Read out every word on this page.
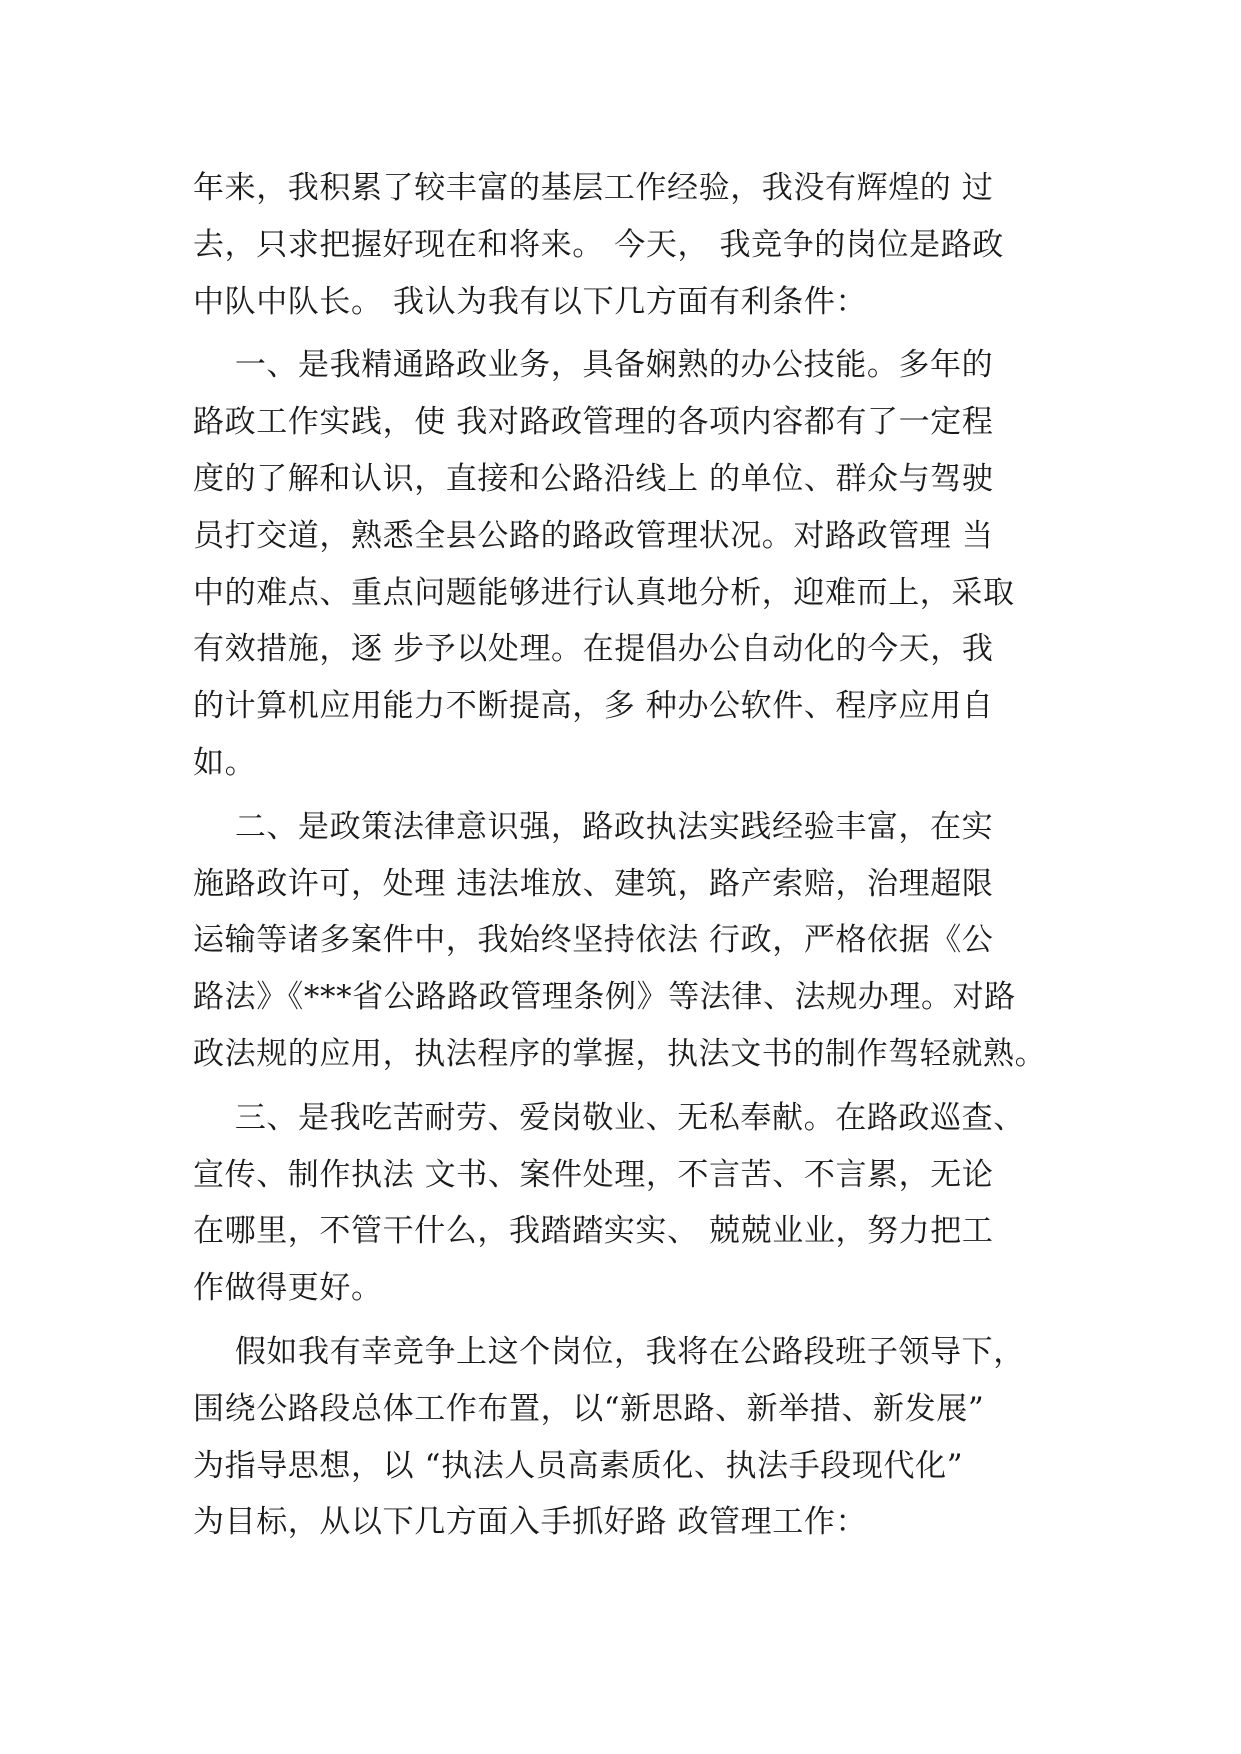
年来，我积累了较丰富的基层工作经验，我没有辉煌的 过
去，只求把握好现在和将来。 今天， 我竞争的岗位是路政
中队中队长。 我认为我有以下几方面有利条件：
一、是我精通路政业务，具备娴熟的办公技能。多年的
路政工作实践，使 我对路政管理的各项内容都有了一定程
度的了解和认识，直接和公路沿线上 的单位、群众与驾驶
员打交道，熟悉全县公路的路政管理状况。对路政管理 当
中的难点、重点问题能够进行认真地分析，迎难而上，采取
有效措施，逐 步予以处理。在提倡办公自动化的今天，我
的计算机应用能力不断提高，多 种办公软件、程序应用自
如。
二、是政策法律意识强，路政执法实践经验丰富，在实
施路政许可，处理 违法堆放、建筑，路产索赔，治理超限
运输等诸多案件中，我始终坚持依法 行政，严格依据《公
路法》《***省公路路政管理条例》等法律、法规办理。对路
政法规的应用，执法程序的掌握，执法文书的制作驾轻就熟。
三、是我吃苦耐劳、爱岗敬业、无私奉献。在路政巡查、
宣传、制作执法 文书、案件处理，不言苦、不言累，无论
在哪里，不管干什么，我踏踏实实、 兢兢业业，努力把工
作做得更好。
假如我有幸竞争上这个岗位，我将在公路段班子领导下，
围绕公路段总体工作布置，以“新思路、新举措、新发展”
为指导思想，以 “执法人员高素质化、执法手段现代化”
为目标，从以下几方面入手抓好路 政管理工作：
